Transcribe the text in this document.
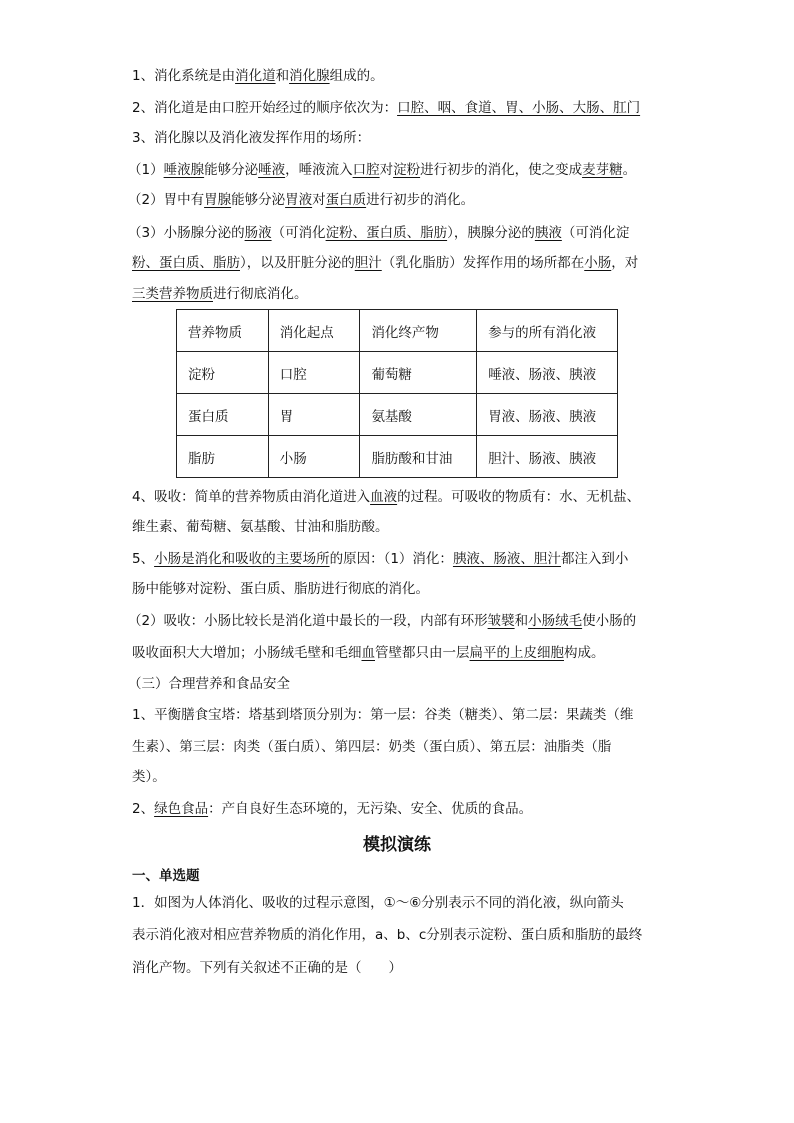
1、消化系统是由消化道和消化腺组成的。
2、消化道是由口腔开始经过的顺序依次为：口腔、咽、食道、胃、小肠、大肠、肛门
3、消化腺以及消化液发挥作用的场所：
（1）唾液腺能够分泌唾液，唾液流入口腔对淀粉进行初步的消化，使之变成麦芽糖。
（2）胃中有胃腺能够分泌胃液对蛋白质进行初步的消化。
（3）小肠腺分泌的肠液（可消化淀粉、蛋白质、脂肪），胰腺分泌的胰液（可消化淀
粉、蛋白质、脂肪），以及肝脏分泌的胆汁（乳化脂肪）发挥作用的场所都在小肠，对
三类营养物质进行彻底消化。
营养物质	消化起点	消化终产物	参与的所有消化液
淀粉	口腔	葡萄糖	唾液、肠液、胰液
蛋白质	胃	氨基酸	胃液、肠液、胰液
脂肪	小肠	脂肪酸和甘油	胆汁、肠液、胰液
4、吸收：简单的营养物质由消化道进入血液的过程。可吸收的物质有：水、无机盐、
维生素、葡萄糖、氨基酸、甘油和脂肪酸。
5、小肠是消化和吸收的主要场所的原因：（1）消化：胰液、肠液、胆汁都注入到小
肠中能够对淀粉、蛋白质、脂肪进行彻底的消化。
（2）吸收：小肠比较长是消化道中最长的一段，内部有环形皱襞和小肠绒毛使小肠的
吸收面积大大增加；小肠绒毛壁和毛细血管壁都只由一层扁平的上皮细胞构成。
（三）合理营养和食品安全
1、平衡膳食宝塔：塔基到塔顶分别为：第一层：谷类（糖类）、第二层：果蔬类（维
生素）、第三层：肉类（蛋白质）、第四层：奶类（蛋白质）、第五层：油脂类（脂
类）。
2、绿色食品：产自良好生态环境的，无污染、安全、优质的食品。
模拟演练
一、单选题
1．如图为人体消化、吸收的过程示意图，①～⑥分别表示不同的消化液，纵向箭头
表示消化液对相应营养物质的消化作用，a、b、c分别表示淀粉、蛋白质和脂肪的最终
消化产物。下列有关叙述不正确的是（　　）
